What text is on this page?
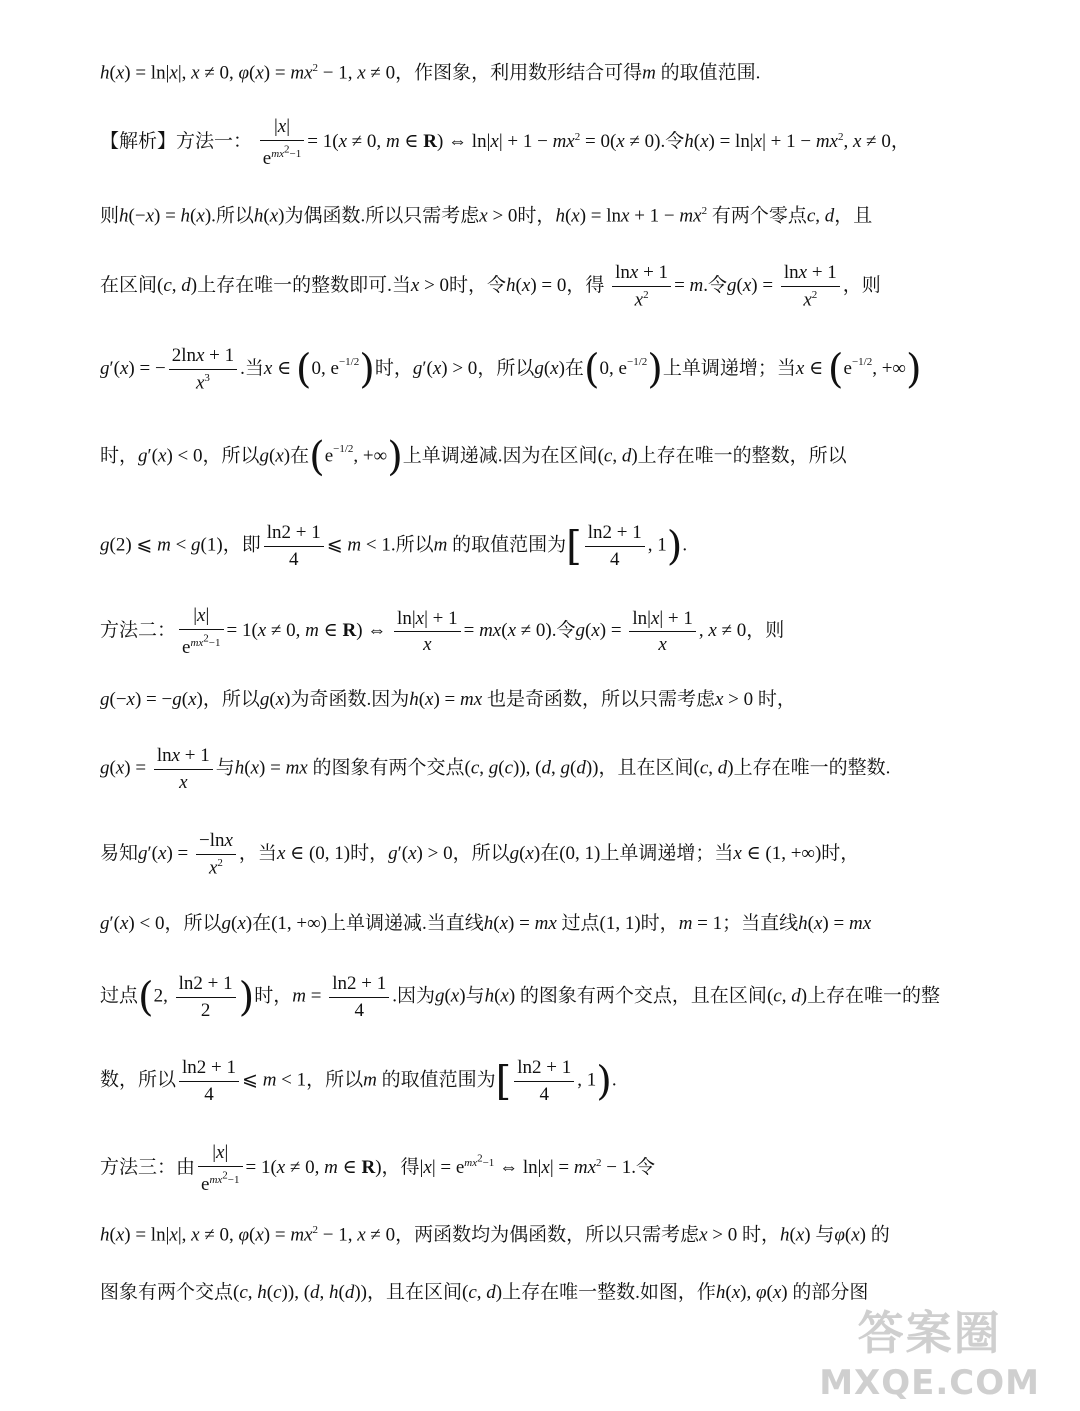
h(x) = ln|x|, x ≠ 0, $\varphi(x) = mx^2 - 1$, x ≠ 0，作图象，利用数形结合可得m 的取值范围.
【解析】方法一： $\frac{|x|}{e^{mx^2-1}} = 1(x \ne 0$, m ∈ R) ⇔ $\ln|x| + 1 - mx^2 = 0(x \ne 0)$.令$h(x) = \ln|x| + 1 - mx^2$, x ≠ 0，
则h(−x) = h(x).所以h(x)为偶函数.所以只需考虑x > 0时，$h(x) = \ln x + 1 - mx^2$ 有两个零点c, d，且
在区间(c, d)上存在唯一的整数即可.当x > 0时，令h(x) = 0，得 $\frac{\ln x + 1}{x^2} = m$.令$g(x) = \frac{\ln x + 1}{x^2}$ ，则
g′(x) = − $\frac{2\ln x + 1}{x^3}$ .当x ∈ (0, $e^{-1/2}$)时，g′(x) > 0，所以g(x)在(0, $e^{-1/2}$)上单调递增；当x ∈ ($e^{-1/2}$, +∞)
时，g′(x) < 0，所以g(x)在($e^{-1/2}$, +∞)上单调递减.因为在区间(c, d)上存在唯一的整数，所以
g(2) ⩽ m < g(1)，即 $\frac{\ln 2 + 1}{4}$ ⩽ m < 1.所以m 的取值范围为[ $\frac{\ln 2 + 1}{4}$ , 1).
方法二： $\frac{|x|}{e^{mx^2-1}} = 1(x \ne 0$, m ∈ R) ⇔ $\frac{\ln|x| + 1}{x} = mx(x \ne 0)$.令$g(x) = \frac{\ln|x| + 1}{x}$ , x ≠ 0，则
g(−x) = −g(x)，所以g(x)为奇函数.因为h(x) = mx 也是奇函数，所以只需考虑x > 0 时，
$g(x) = \frac{\ln x + 1}{x}$ 与h(x) = mx 的图象有两个交点(c, g(c)), (d, g(d))，且在区间(c, d)上存在唯一的整数.
易知$g'(x) = \frac{-\ln x}{x^2}$ ，当x ∈ (0, 1)时，g′(x) > 0，所以g(x)在(0, 1)上单调递增；当x ∈ (1, +∞)时，
g′(x) < 0，所以g(x)在(1, +∞)上单调递减.当直线h(x) = mx 过点(1, 1)时，m = 1；当直线h(x) = mx
过点(2, $\frac{\ln 2 + 1}{2}$ )时，$m = \frac{\ln 2 + 1}{4}$ .因为g(x)与h(x) 的图象有两个交点，且在区间(c, d)上存在唯一的整
数，所以 $\frac{\ln 2 + 1}{4}$ ⩽ m < 1，所以m 的取值范围为[ $\frac{\ln 2 + 1}{4}$ , 1).
方法三：由 $\frac{|x|}{e^{mx^2-1}} = 1(x \ne 0$, m ∈ R)，得$|x| = e^{mx^2-1}$ ⇔ $\ln|x| = mx^2 - 1$.令
h(x) = ln|x|, x ≠ 0, $\varphi(x) = mx^2 - 1$, x ≠ 0，两函数均为偶函数，所以只需考虑x > 0 时，h(x) 与φ(x) 的
图象有两个交点(c, h(c)), (d, h(d))，且在区间(c, d)上存在唯一整数.如图，作h(x), φ(x) 的部分图
答案圈
MXQE.COM
